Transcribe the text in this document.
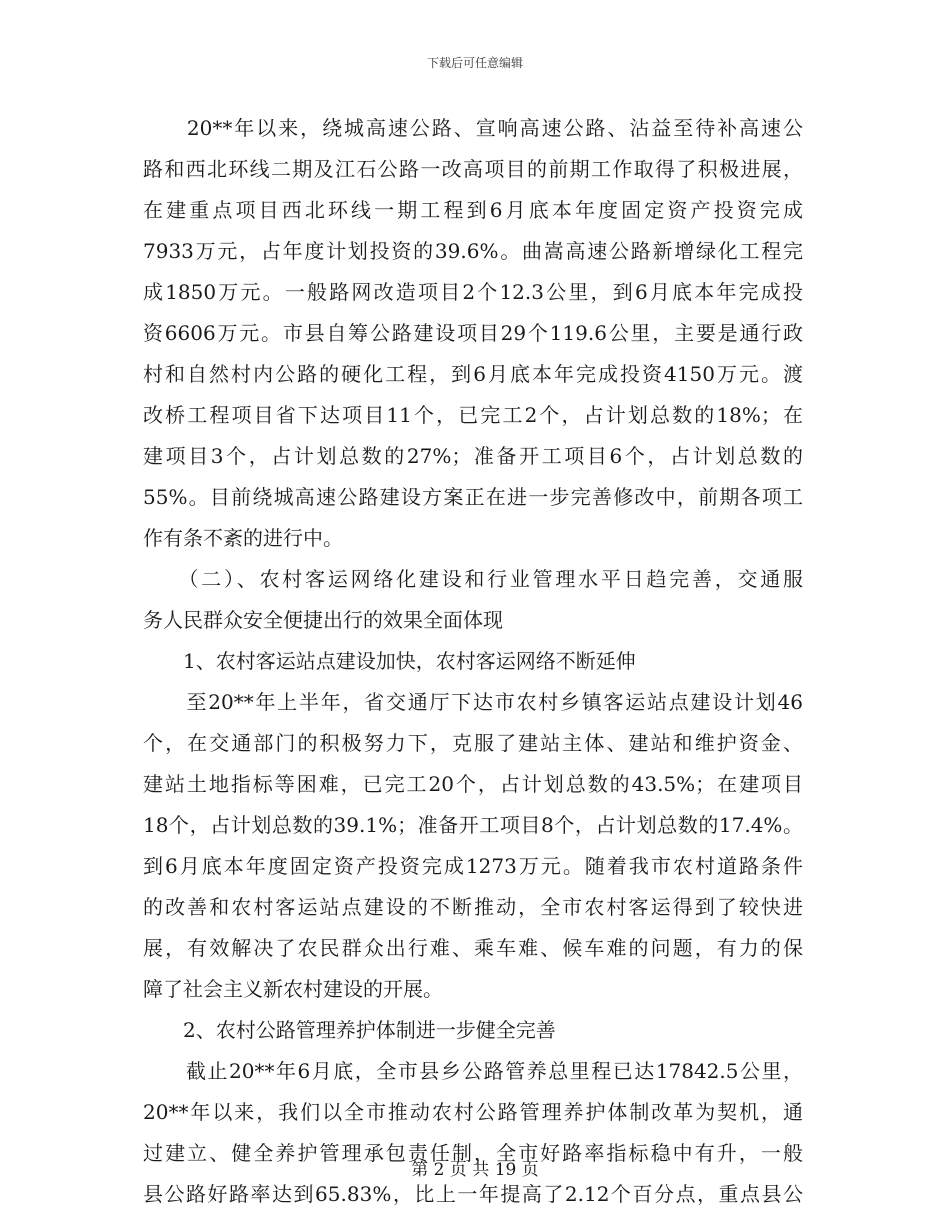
下载后可任意编辑
　　20**年以来，绕城高速公路、宣响高速公路、沾益至待补高速公
路和西北环线二期及江石公路一改高项目的前期工作取得了积极进展，
在建重点项目西北环线一期工程到6月底本年度固定资产投资完成
7933万元，占年度计划投资的39.6%。曲嵩高速公路新增绿化工程完
成1850万元。一般路网改造项目2个12.3公里，到6月底本年完成投
资6606万元。市县自筹公路建设项目29个119.6公里，主要是通行政
村和自然村内公路的硬化工程，到6月底本年完成投资4150万元。渡
改桥工程项目省下达项目11个，已完工2个，占计划总数的18%；在
建项目3个，占计划总数的27%；准备开工项目6个，占计划总数的
55%。目前绕城高速公路建设方案正在进一步完善修改中，前期各项工
作有条不紊的进行中。
　　（二）、农村客运网络化建设和行业管理水平日趋完善，交通服
务人民群众安全便捷出行的效果全面体现
　　1、农村客运站点建设加快，农村客运网络不断延伸
　　至20**年上半年，省交通厅下达市农村乡镇客运站点建设计划46
个，在交通部门的积极努力下，克服了建站主体、建站和维护资金、
建站土地指标等困难，已完工20个，占计划总数的43.5%；在建项目
18个，占计划总数的39.1%；准备开工项目8个，占计划总数的17.4%。
到6月底本年度固定资产投资完成1273万元。随着我市农村道路条件
的改善和农村客运站点建设的不断推动，全市农村客运得到了较快进
展，有效解决了农民群众出行难、乘车难、候车难的问题，有力的保
障了社会主义新农村建设的开展。
　　2、农村公路管理养护体制进一步健全完善
　　截止20**年6月底，全市县乡公路管养总里程已达17842.5公里，
20**年以来，我们以全市推动农村公路管理养护体制改革为契机，通
过建立、健全养护管理承包责任制，全市好路率指标稳中有升，一般
县公路好路率达到65.83%，比上一年提高了2.12个百分点，重点县公
第 2 页 共 19 页
